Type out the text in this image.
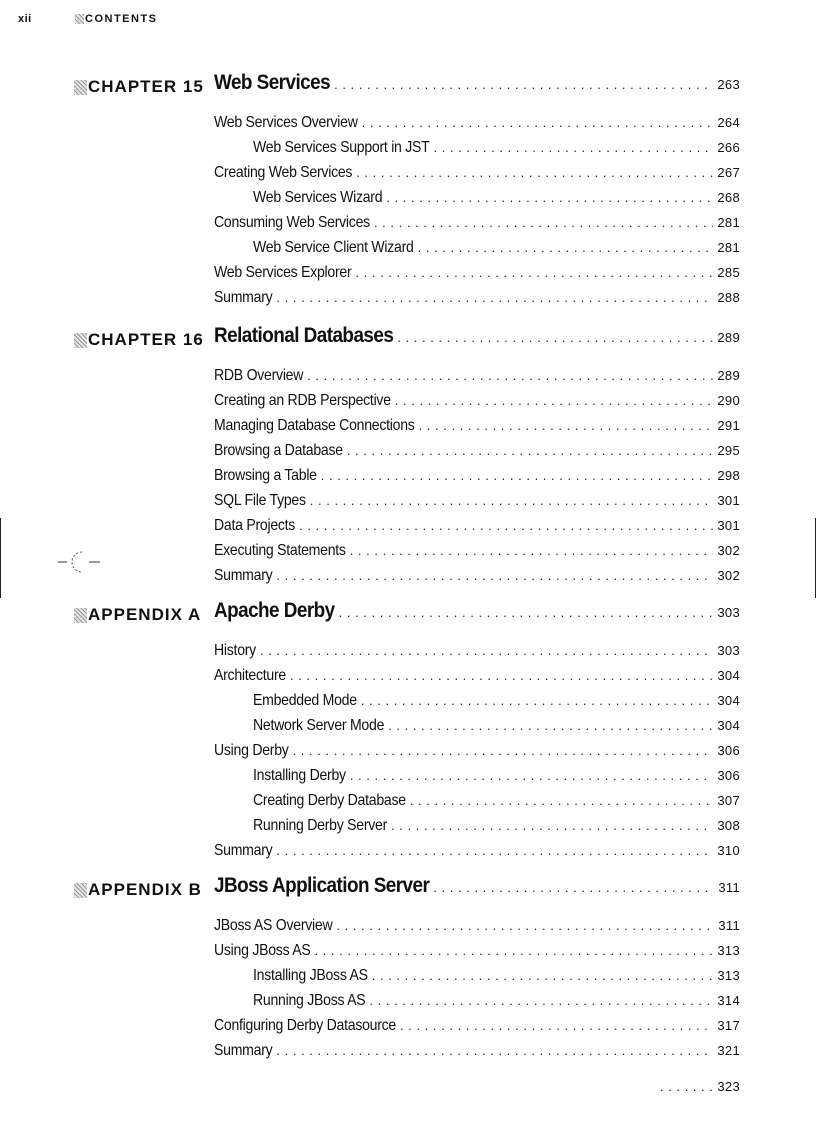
xii	CONTENTS
CHAPTER 15 Web Services . . .	263
Web Services Overview . . .	264
Web Services Support in JST . . .	266
Creating Web Services . . .	267
Web Services Wizard . . .	268
Consuming Web Services . . .	281
Web Service Client Wizard . . .	281
Web Services Explorer . . .	285
Summary . . .	288
CHAPTER 16 Relational Databases . . .	289
RDB Overview . . .	289
Creating an RDB Perspective . . .	290
Managing Database Connections . . .	291
Browsing a Database . . .	295
Browsing a Table . . .	298
SQL File Types . . .	301
Data Projects . . .	301
Executing Statements . . .	302
Summary . . .	302
APPENDIX A Apache Derby . . .	303
History . . .	303
Architecture . . .	304
Embedded Mode . . .	304
Network Server Mode . . .	304
Using Derby . . .	306
Installing Derby . . .	306
Creating Derby Database . . .	307
Running Derby Server . . .	308
Summary . . .	310
APPENDIX B JBoss Application Server . . .	311
JBoss AS Overview . . .	311
Using JBoss AS . . .	313
Installing JBoss AS . . .	313
Running JBoss AS . . .	314
Configuring Derby Datasource . . .	317
Summary . . .	321
. . . . . . . 323
